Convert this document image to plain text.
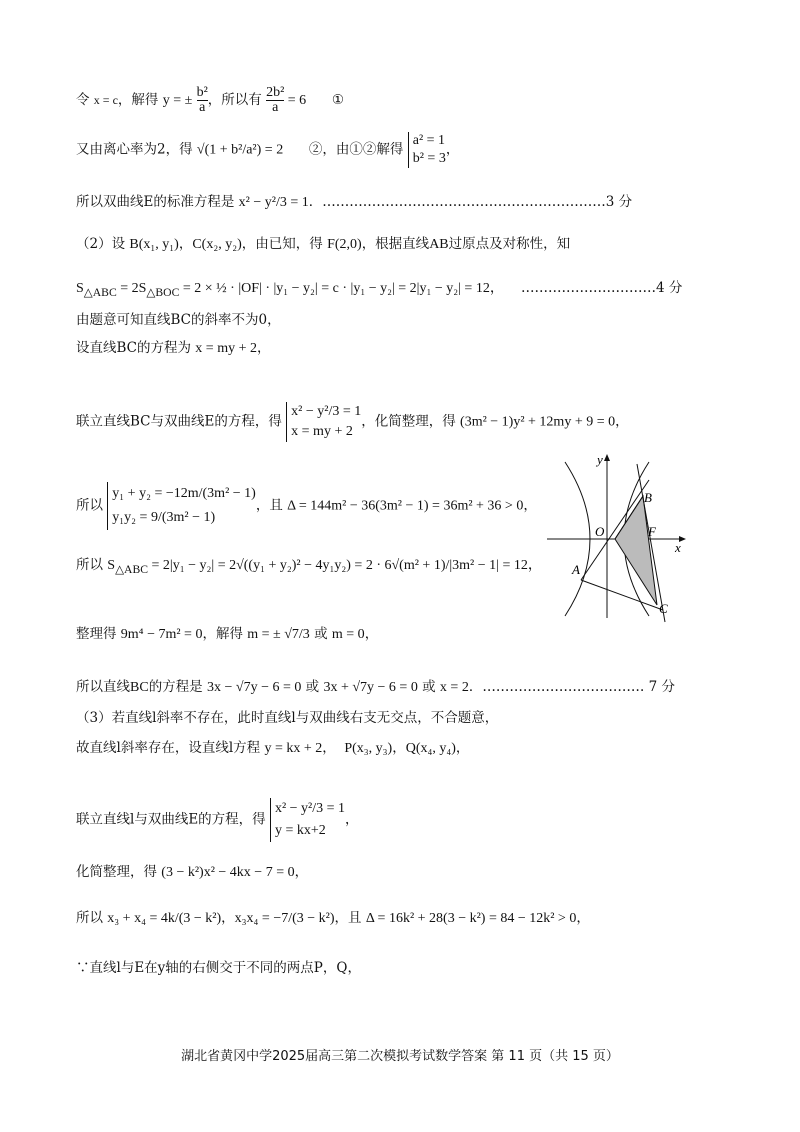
令 x = c，解得 y = ± $\frac{\text{b²}}{a}$ ，所以有 $\frac{\text{2b²}}{a} = 6$      ①
又由离心率为2，得 √(1 + b²/a²) = 2      ②，由①②解得 a² = 1
b² = 3，
所以双曲线E的标准方程是 x² − y²/3 = 1．………………………………………………………3 分
（2）设 B(x₁, y₁)，C(x₂, y₂)，由已知，得 F(2,0)，根据直线AB过原点及对称性，知
$S_{\triangle ABC} = 2S_{\triangle BOC} = 2$ × ½ · |OF| · |y₁ − y₂| = c · |y₁ − y₂| = 2|y₁ − y₂| = 12，    …………………………4 分
由题意可知直线BC的斜率不为0，
设直线BC的方程为 x = my + 2，
联立直线BC与双曲线E的方程，得 x² − y²/3 = 1
x = my + 2，化简整理，得 (3m² − 1)y² + 12my + 9 = 0，
所以 y₁ + y₂ = −12m/(3m² − 1)
y₁y₂ = 9/(3m² − 1)，且 Δ = 144m² − 36(3m² − 1) = 36m² + 36 > 0，
所以 $S_{\triangle ABC} = 2|y_1 - y_2| = 2√((y_1 + y_2)^2 - 4y_1y_2) = 2 \cdot 6√(m^2 + 1)/|3m^2 - 1| = 12$，
整理得 9m⁴ − 7m² = 0，解得 m = ± √7/3 或 m = 0，
所以直线BC的方程是 3x − √7y − 6 = 0 或 3x + √7y − 6 = 0 或 x = 2．……………………………… 7 分
（3）若直线l斜率不存在，此时直线l与双曲线右支无交点，不合题意，
故直线l斜率存在，设直线l方程 y = kx + 2，  P(x₃, y₃)，Q(x₄, y₄)，
联立直线l与双曲线E的方程，得 x² − y²/3 = 1
y = kx+2，
化简整理，得 (3 − k²)x² − 4kx − 7 = 0，
所以 x₃ + x₄ = 4k/(3 − k²)，x₃x₄ = −7/(3 − k²)，且 Δ = 16k² + 28(3 − k²) = 84 − 12k² > 0，
∵直线l与E在y轴的右侧交于不同的两点P，Q，
y
x
O	F
B
A
C
湖北省黄冈中学2025届高三第二次模拟考试数学答案 第 11 页（共 15 页）
